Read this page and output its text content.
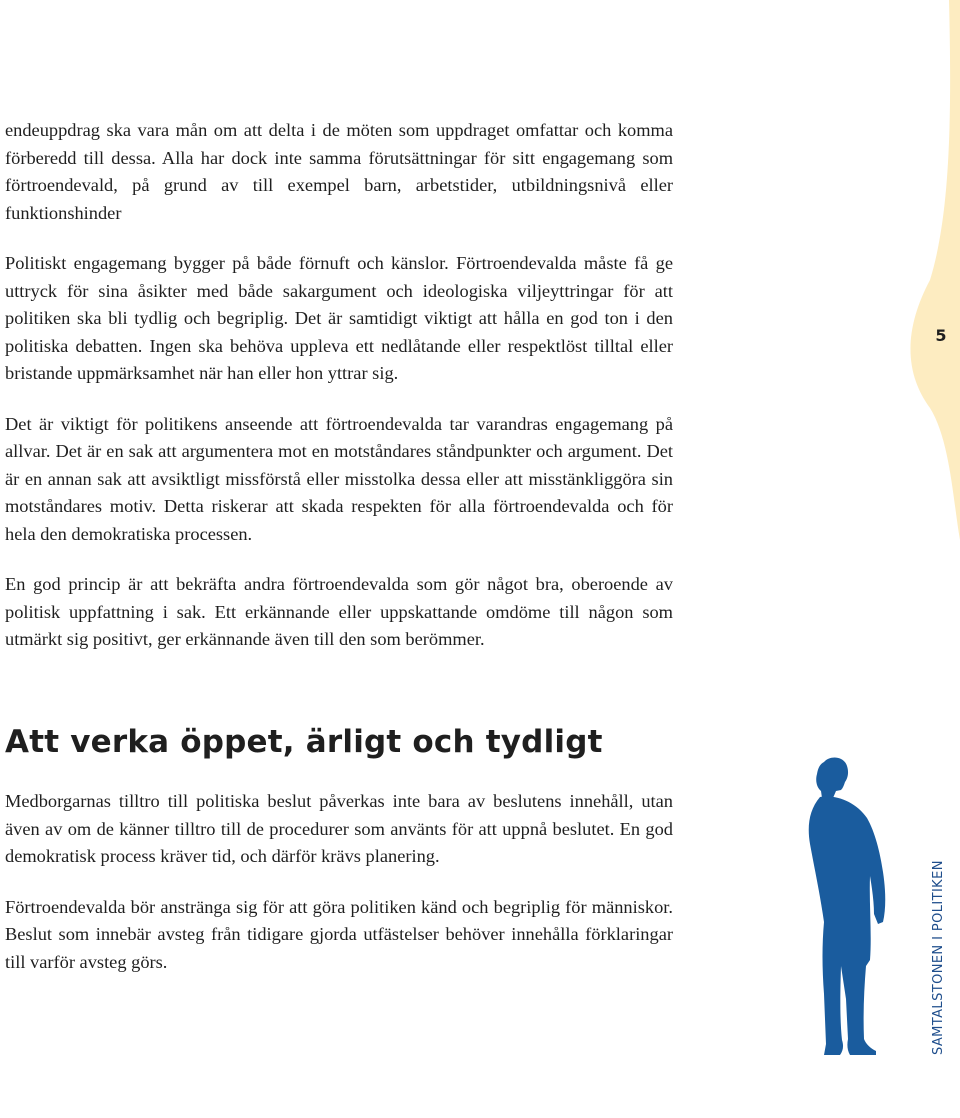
endeuppdrag ska vara mån om att delta i de möten som uppdraget omfattar och komma förberedd till dessa. Alla har dock inte samma förutsättningar för sitt engagemang som förtroendevald, på grund av till exempel barn, arbetstider, utbildningsnivå eller funktionshinder

Politiskt engagemang bygger på både förnuft och känslor. Förtroendevalda måste få ge uttryck för sina åsikter med både sakargument och ideologiska viljeyttringar för att politiken ska bli tydlig och begriplig. Det är samtidigt viktigt att hålla en god ton i den politiska debatten. Ingen ska behöva uppleva ett nedlåtande eller respektlöst tilltal eller bristande uppmärksamhet när han eller hon yttrar sig.

Det är viktigt för politikens anseende att förtroendevalda tar varandras engagemang på allvar. Det är en sak att argumentera mot en motståndares ståndpunkter och argument. Det är en annan sak att avsiktligt missförstå eller misstolka dessa eller att misstänkliggöra sin motståndares motiv. Detta riskerar att skada respekten för alla förtroendevalda och för hela den demokratiska processen.

En god princip är att bekräfta andra förtroendevalda som gör något bra, oberoende av politisk uppfattning i sak. Ett erkännande eller uppskattande omdöme till någon som utmärkt sig positivt, ger erkännande även till den som berömmer.

Att verka öppet, ärligt och tydligt

Medborgarnas tilltro till politiska beslut påverkas inte bara av beslutens innehåll, utan även av om de känner tilltro till de procedurer som använts för att uppnå beslutet. En god demokratisk process kräver tid, och därför krävs planering.

Förtroendevalda bör anstränga sig för att göra politiken känd och begriplig för människor. Beslut som innebär avsteg från tidigare gjorda utfästelser behöver innehålla förklaringar till varför avsteg görs.

5
SAMTALSTONEN I POLITIKEN
